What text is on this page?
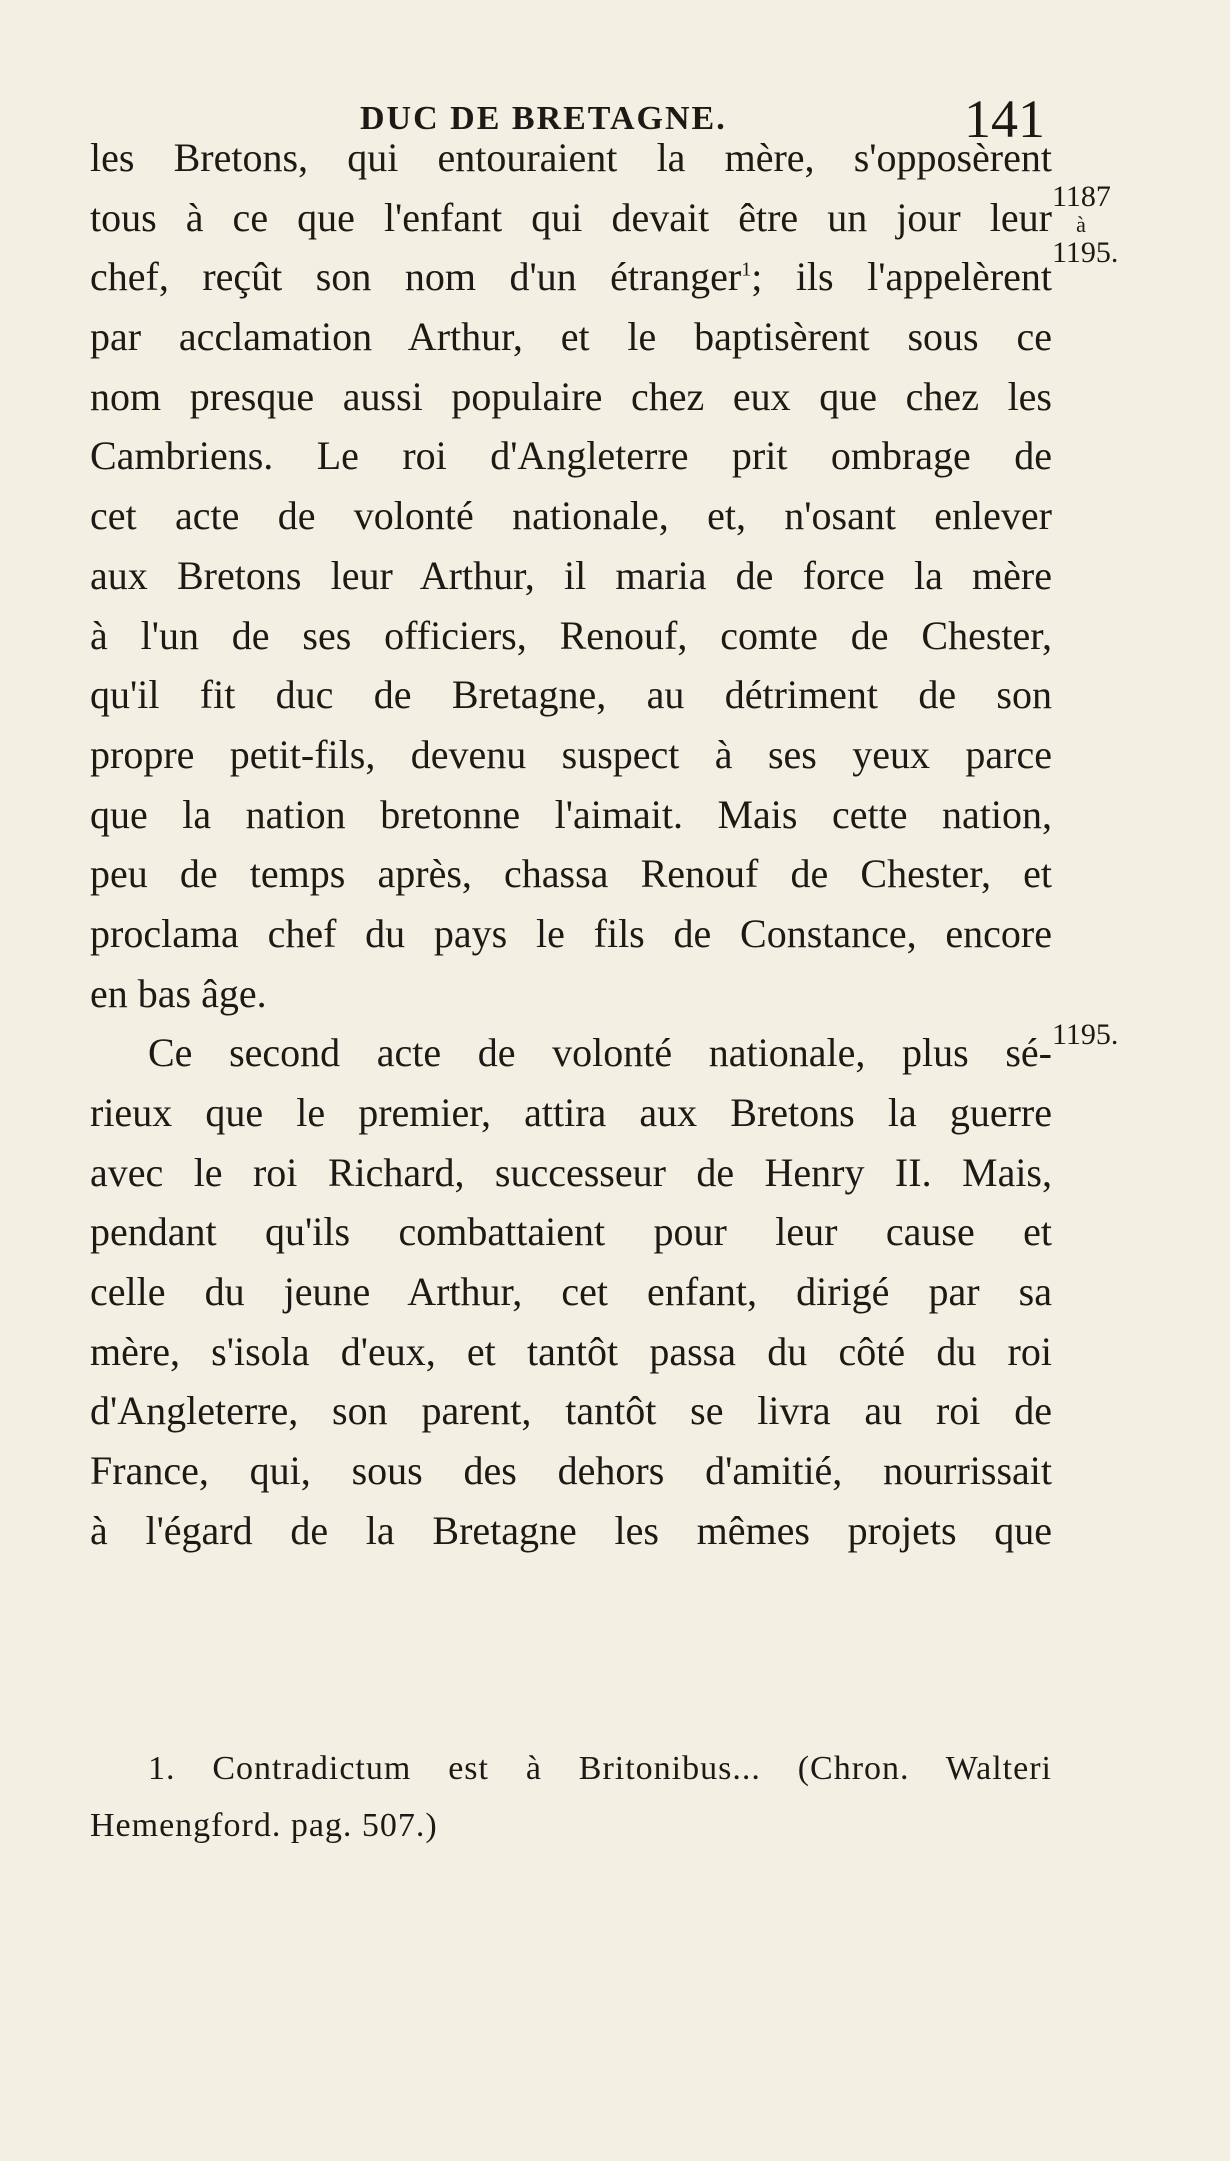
DUC DE BRETAGNE.	141
1187
à
1195.
1195.
les Bretons, qui entouraient la mère, s'opposèrent
tous à ce que l'enfant qui devait être un jour leur
chef, reçût son nom d'un étranger$^1$; ils l'appelèrent
par acclamation Arthur, et le baptisèrent sous ce
nom presque aussi populaire chez eux que chez les
Cambriens. Le roi d'Angleterre prit ombrage de
cet acte de volonté nationale, et, n'osant enlever
aux Bretons leur Arthur, il maria de force la mère
à l'un de ses officiers, Renouf, comte de Chester,
qu'il fit duc de Bretagne, au détriment de son
propre petit-fils, devenu suspect à ses yeux parce
que la nation bretonne l'aimait. Mais cette nation,
peu de temps après, chassa Renouf de Chester, et
proclama chef du pays le fils de Constance, encore
en bas âge.
Ce second acte de volonté nationale, plus sé-
rieux que le premier, attira aux Bretons la guerre
avec le roi Richard, successeur de Henry II. Mais,
pendant qu'ils combattaient pour leur cause et
celle du jeune Arthur, cet enfant, dirigé par sa
mère, s'isola d'eux, et tantôt passa du côté du roi
d'Angleterre, son parent, tantôt se livra au roi de
France, qui, sous des dehors d'amitié, nourrissait
à l'égard de la Bretagne les mêmes projets que
1. Contradictum est à Britonibus... (Chron. Walteri
Hemengford. pag. 507.)
